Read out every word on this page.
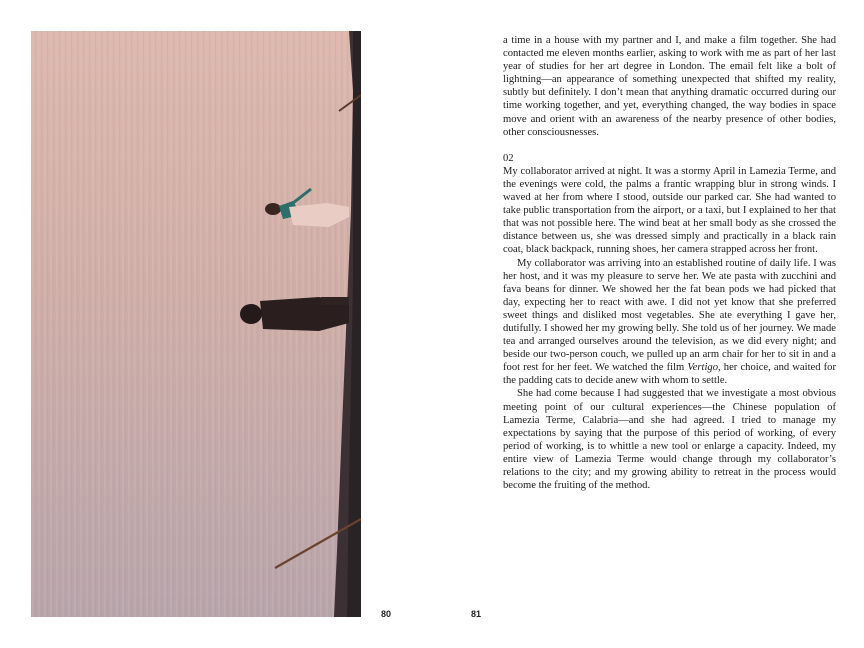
80	81

a time in a house with my partner and I, and make a film together. She had contacted me eleven months earlier, asking to work with me as part of her last year of studies for her art degree in London. The email felt like a bolt of lightning—an appearance of something unexpected that shifted my reality, subtly but definitely. I don’t mean that anything dramatic occurred during our time working together, and yet, everything changed, the way bodies in space move and orient with an awareness of the nearby presence of other bodies, other consciousnesses.

02

My collaborator arrived at night. It was a stormy April in Lamezia Terme, and the evenings were cold, the palms a frantic wrapping blur in strong winds. I waved at her from where I stood, outside our parked car. She had wanted to take public transportation from the airport, or a taxi, but I explained to her that that was not possible here. The wind beat at her small body as she crossed the distance between us, she was dressed simply and practically in a black rain coat, black backpack, running shoes, her camera strapped across her front.

My collaborator was arriving into an established routine of daily life. I was her host, and it was my pleasure to serve her. We ate pasta with zucchini and fava beans for dinner. We showed her the fat bean pods we had picked that day, expecting her to react with awe. I did not yet know that she preferred sweet things and disliked most vegetables. She ate everything I gave her, dutifully. I showed her my growing belly. She told us of her journey. We made tea and arranged ourselves around the television, as we did every night; and beside our two-person couch, we pulled up an arm chair for her to sit in and a foot rest for her feet. We watched the film Vertigo, her choice, and waited for the padding cats to decide anew with whom to settle.

She had come because I had suggested that we investigate a most obvious meeting point of our cultural experiences—the Chinese population of Lamezia Terme, Calabria—and she had agreed. I tried to manage my expectations by saying that the purpose of this period of working, of every period of working, is to whittle a new tool or enlarge a capacity. Indeed, my entire view of Lamezia Terme would change through my collaborator’s relations to the city; and my growing ability to retreat in the process would become the fruiting of the method.
